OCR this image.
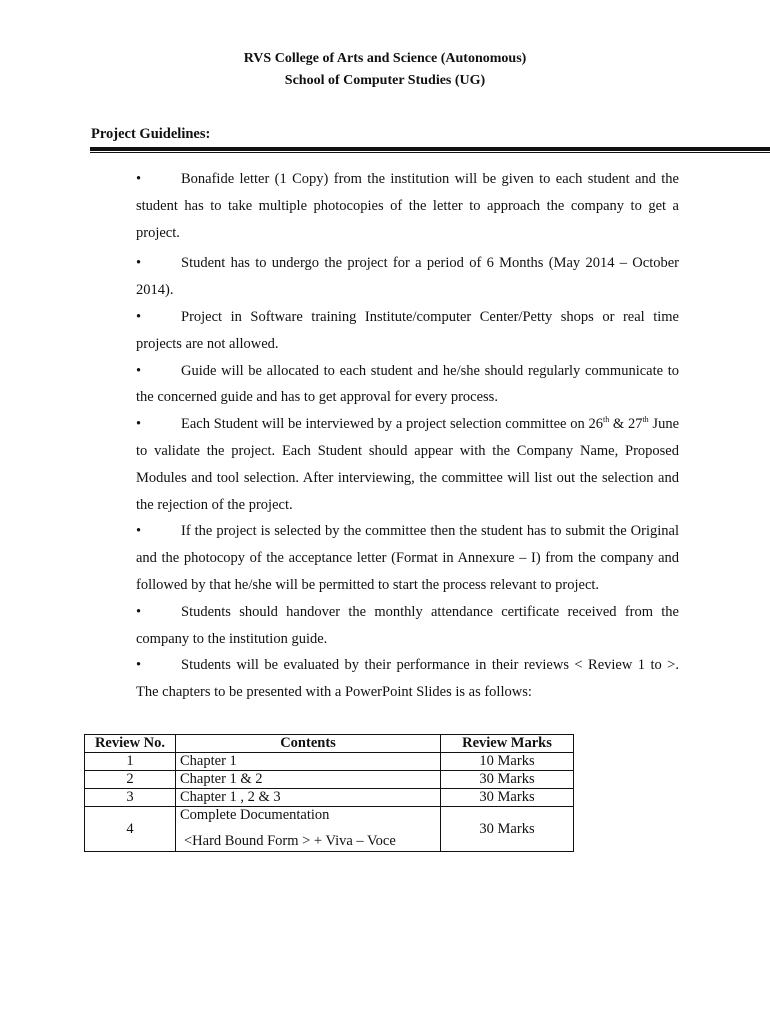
RVS College of Arts and Science (Autonomous)
School of Computer Studies (UG)
Project Guidelines:

•	Bonafide letter (1 Copy) from the institution will be given to each student and the student has to take multiple photocopies of the letter to approach the company to get a project.

•	Student has to undergo the project for a period of 6 Months (May 2014 – October 2014).

•	Project in Software training Institute/computer Center/Petty shops or real time projects are not allowed.

•	Guide will be allocated to each student and he/she should regularly communicate to the concerned guide and has to get approval for every process.

•	Each Student will be interviewed by a project selection committee on 26th & 27th June to validate the project. Each Student should appear with the Company Name, Proposed Modules and tool selection. After interviewing, the committee will list out the selection and the rejection of the project.

•	If the project is selected by the committee then the student has to submit the Original and the photocopy of the acceptance letter (Format in Annexure – I) from the company and followed by that he/she will be permitted to start the process relevant to project.

•	Students should handover the monthly attendance certificate received from the company to the institution guide.

•	Students will be evaluated by their performance in their reviews < Review 1 to >. The chapters to be presented with a PowerPoint Slides is as follows:

Review No.	Contents	Review Marks
1	Chapter 1	10 Marks
2	Chapter 1 & 2	30 Marks
3	Chapter 1 , 2 & 3	30 Marks
4	Complete Documentation
<Hard Bound Form > + Viva – Voce	30 Marks
